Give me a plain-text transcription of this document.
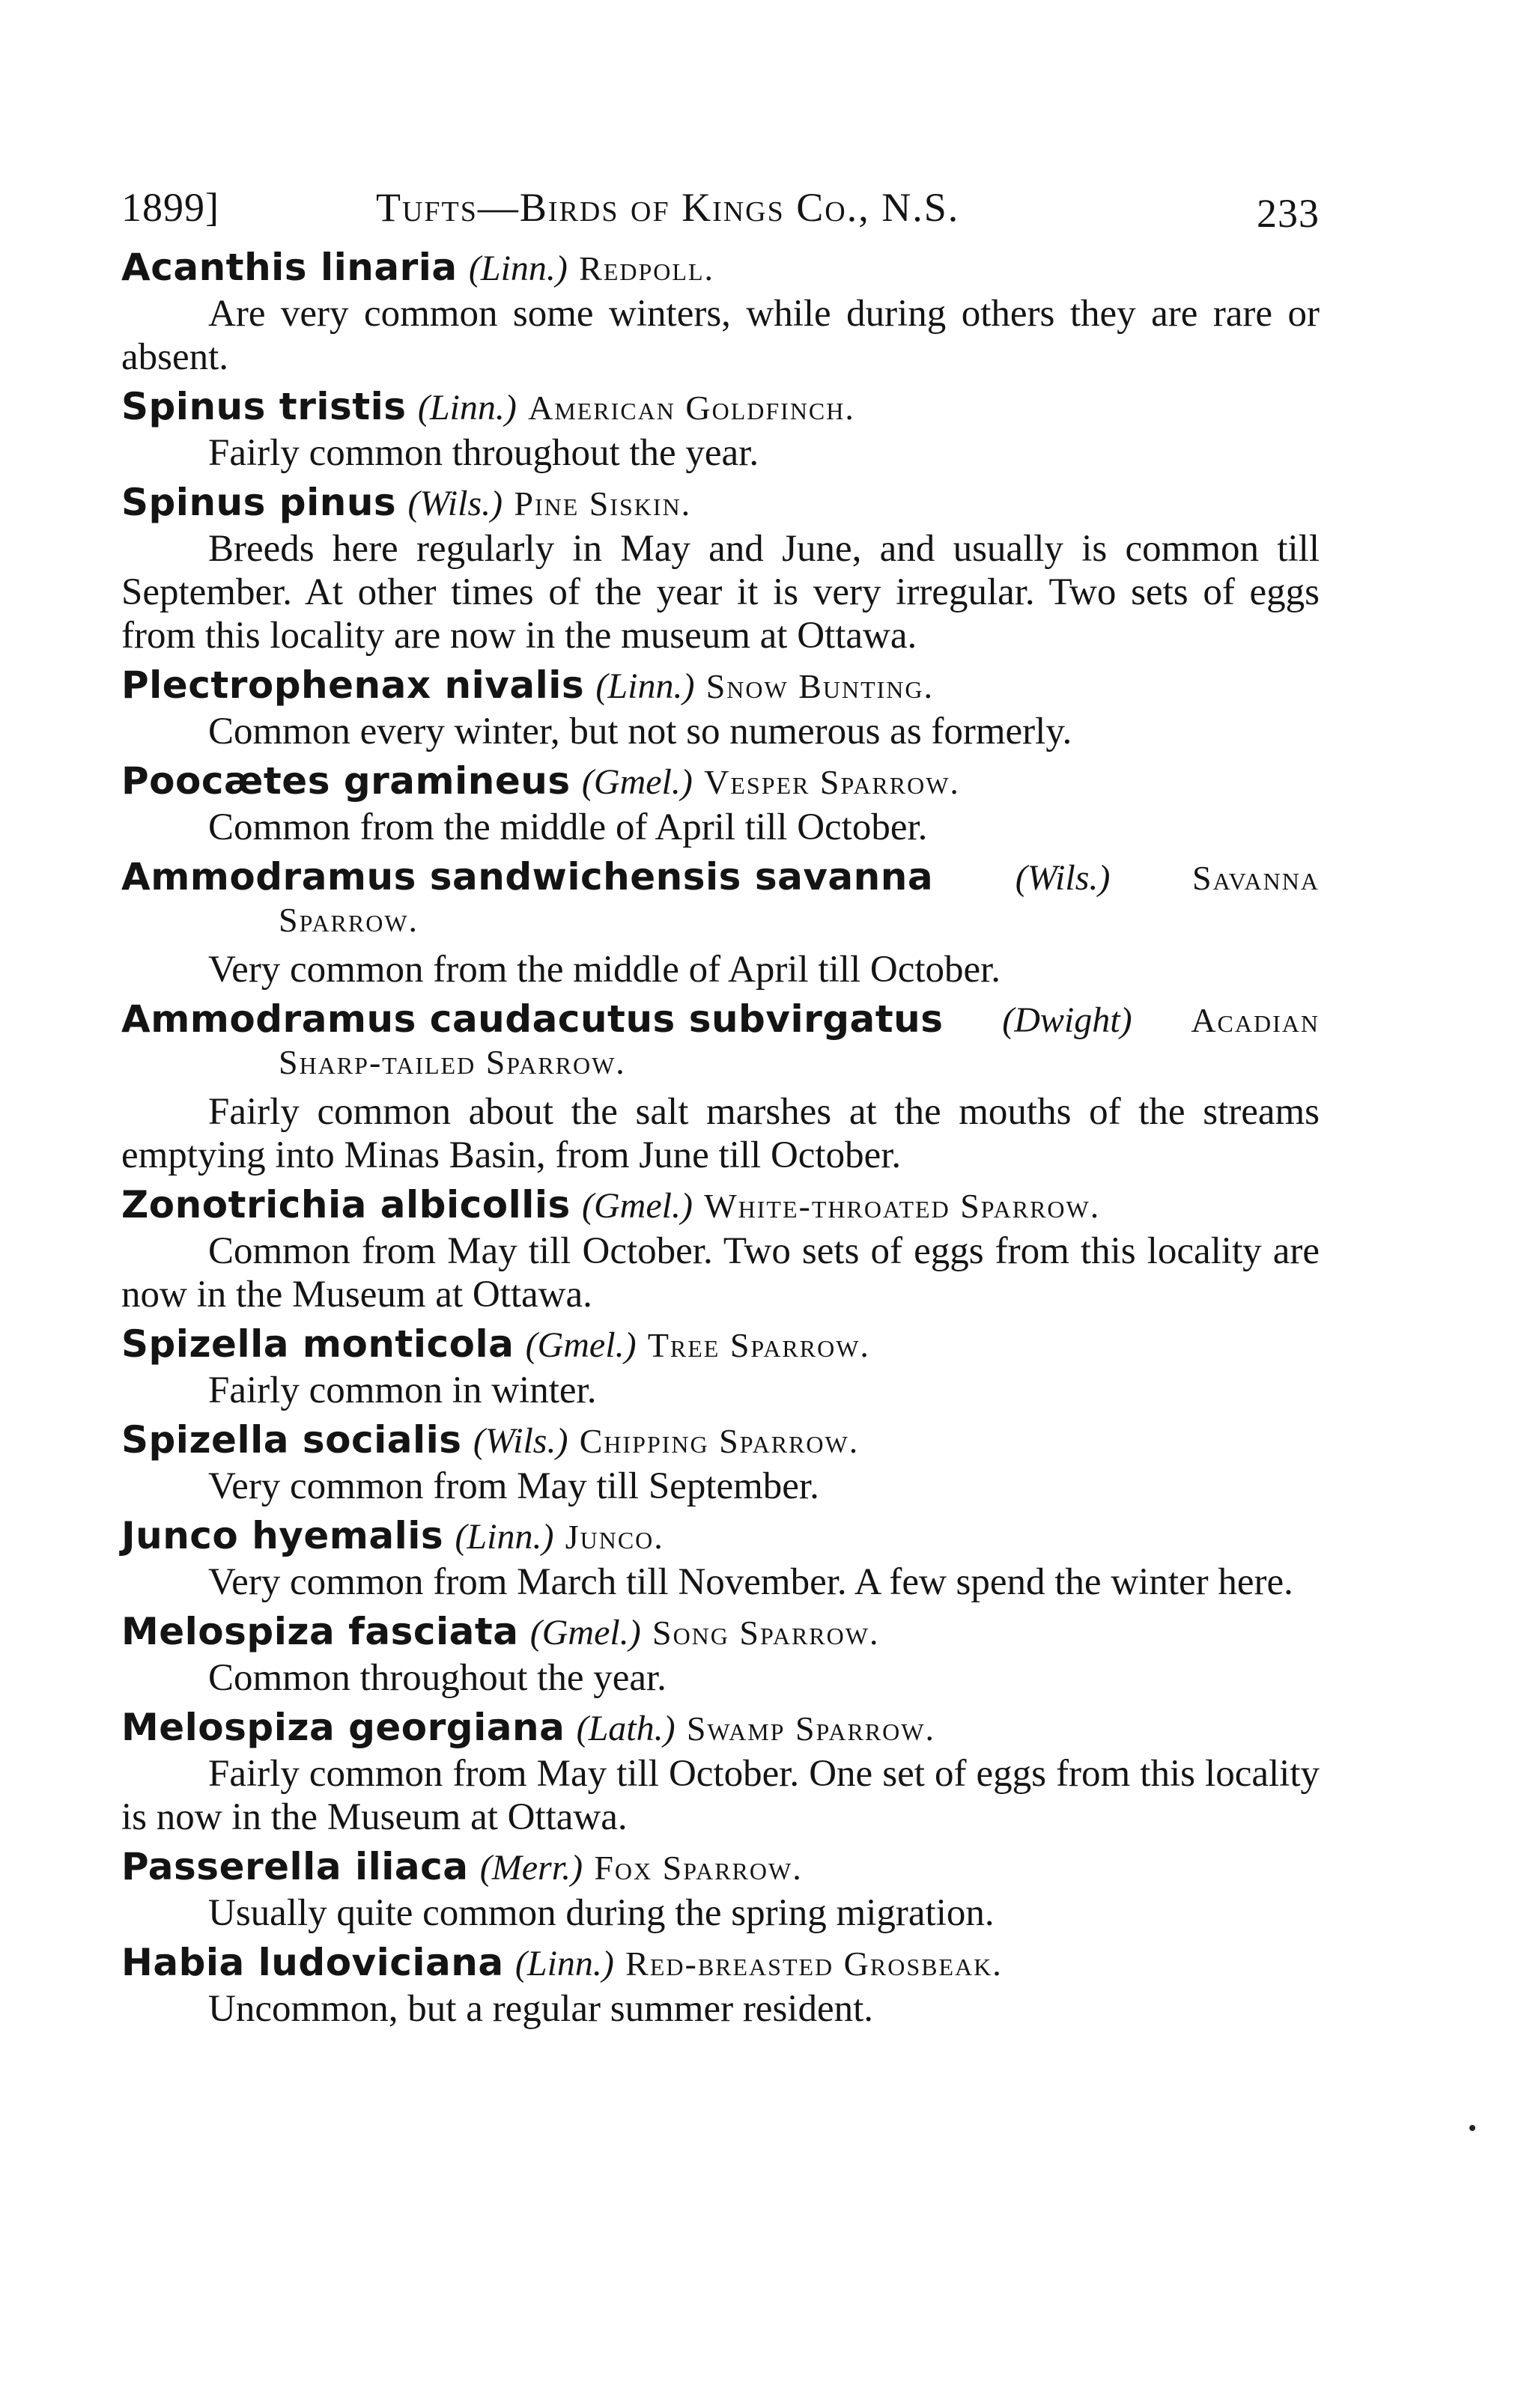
1899]	Tufts—Birds of Kings Co., N.S.	233
Acanthis linaria (Linn.) Redpoll.

Are very common some winters, while during others they are rare or absent.

Spinus tristis (Linn.) American Goldfinch.

Fairly common throughout the year.

Spinus pinus (Wils.) Pine Siskin.

Breeds here regularly in May and June, and usually is common till September. At other times of the year it is very irregular. Two sets of eggs from this locality are now in the museum at Ottawa.

Plectrophenax nivalis (Linn.) Snow Bunting.

Common every winter, but not so numerous as formerly.

Poocætes gramineus (Gmel.) Vesper Sparrow.

Common from the middle of April till October.

Ammodramus sandwichensis savanna (Wils.) Savanna
Sparrow.

Very common from the middle of April till October.

Ammodramus caudacutus subvirgatus (Dwight) Acadian
Sharp-tailed Sparrow.

Fairly common about the salt marshes at the mouths of the streams emptying into Minas Basin, from June till October.

Zonotrichia albicollis (Gmel.) White-throated Sparrow.

Common from May till October. Two sets of eggs from this locality are now in the Museum at Ottawa.

Spizella monticola (Gmel.) Tree Sparrow.

Fairly common in winter.

Spizella socialis (Wils.) Chipping Sparrow.

Very common from May till September.

Junco hyemalis (Linn.) Junco.

Very common from March till November. A few spend the winter here.

Melospiza fasciata (Gmel.) Song Sparrow.

Common throughout the year.

Melospiza georgiana (Lath.) Swamp Sparrow.

Fairly common from May till October. One set of eggs from this locality is now in the Museum at Ottawa.

Passerella iliaca (Merr.) Fox Sparrow.

Usually quite common during the spring migration.

Habia ludoviciana (Linn.) Red-breasted Grosbeak.

Uncommon, but a regular summer resident.
